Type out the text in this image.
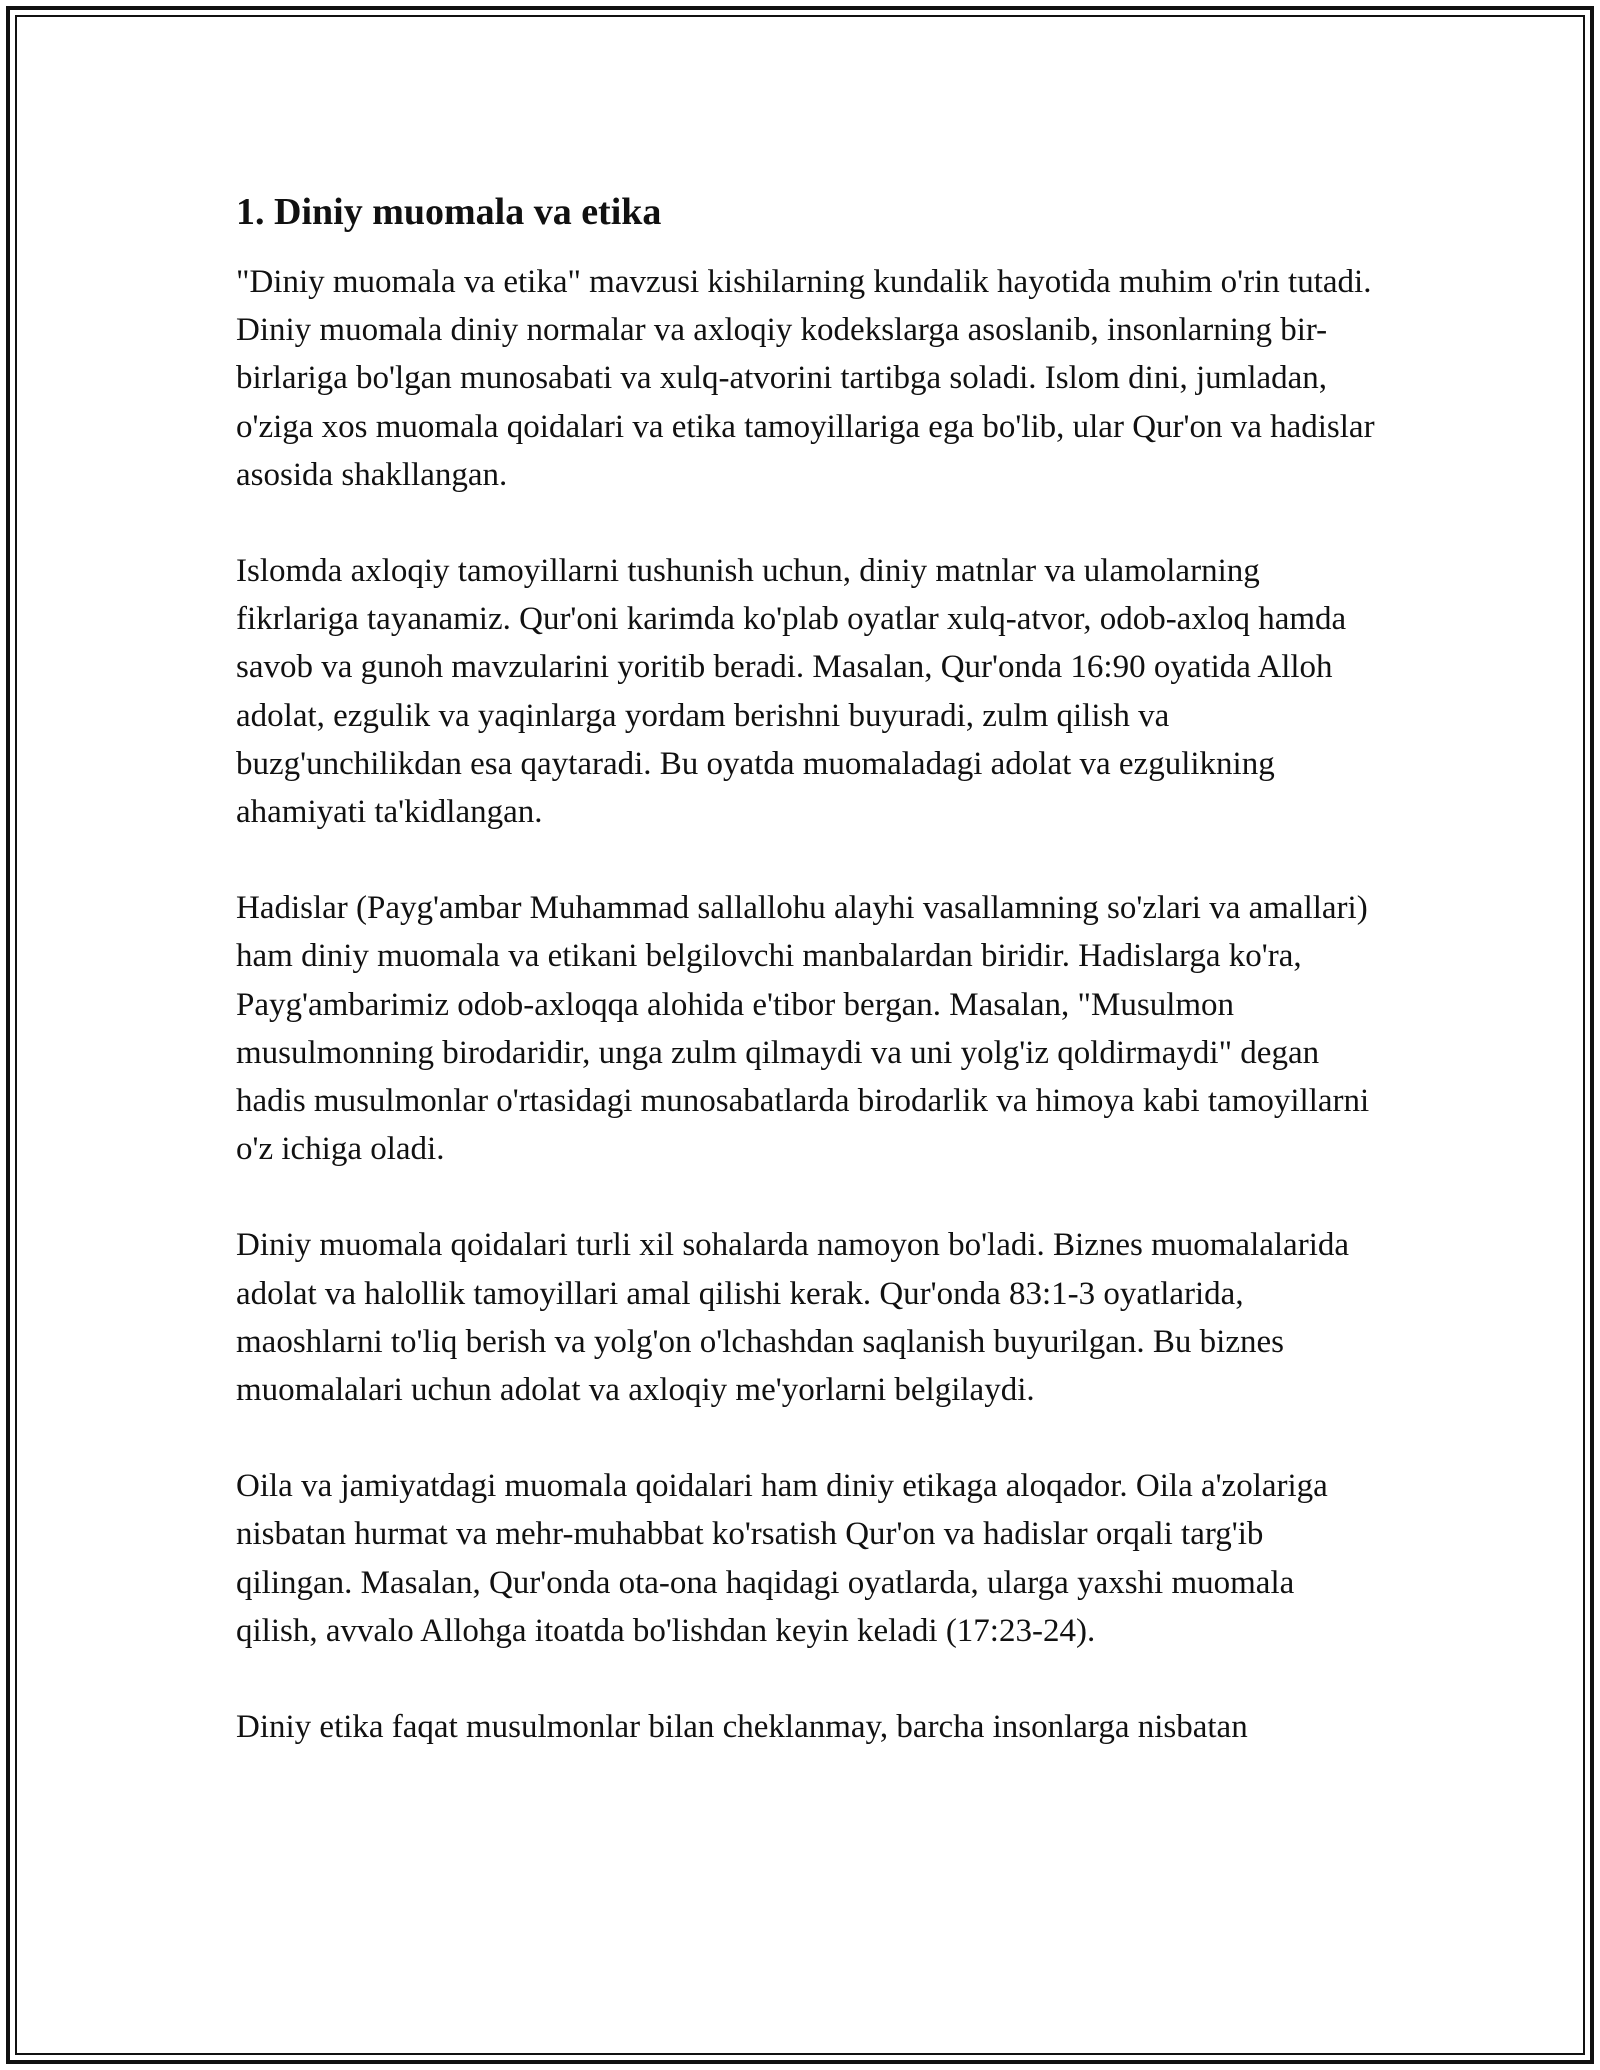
1. Diniy muomala va etika

"Diniy muomala va etika" mavzusi kishilarning kundalik hayotida muhim o'rin tutadi. Diniy muomala diniy normalar va axloqiy kodekslarga asoslanib, insonlarning bir-birlariga bo'lgan munosabati va xulq-atvorini tartibga soladi. Islom dini, jumladan, o'ziga xos muomala qoidalari va etika tamoyillariga ega bo'lib, ular Qur'on va hadislar asosida shakllangan.

Islomda axloqiy tamoyillarni tushunish uchun, diniy matnlar va ulamolarning fikrlariga tayanamiz. Qur'oni karimda ko'plab oyatlar xulq-atvor, odob-axloq hamda savob va gunoh mavzularini yoritib beradi. Masalan, Qur'onda 16:90 oyatida Alloh adolat, ezgulik va yaqinlarga yordam berishni buyuradi, zulm qilish va buzg'unchilikdan esa qaytaradi. Bu oyatda muomaladagi adolat va ezgulikning ahamiyati ta'kidlangan.

Hadislar (Payg'ambar Muhammad sallallohu alayhi vasallamning so'zlari va amallari) ham diniy muomala va etikani belgilovchi manbalardan biridir. Hadislarga ko'ra, Payg'ambarimiz odob-axloqqa alohida e'tibor bergan. Masalan, "Musulmon musulmonning birodaridir, unga zulm qilmaydi va uni yolg'iz qoldirmaydi" degan hadis musulmonlar o'rtasidagi munosabatlarda birodarlik va himoya kabi tamoyillarni o'z ichiga oladi.

Diniy muomala qoidalari turli xil sohalarda namoyon bo'ladi. Biznes muomalalarida adolat va halollik tamoyillari amal qilishi kerak. Qur'onda 83:1-3 oyatlarida, maoshlarni to'liq berish va yolg'on o'lchashdan saqlanish buyurilgan. Bu biznes muomalalari uchun adolat va axloqiy me'yorlarni belgilaydi.

Oila va jamiyatdagi muomala qoidalari ham diniy etikaga aloqador. Oila a'zolariga nisbatan hurmat va mehr-muhabbat ko'rsatish Qur'on va hadislar orqali targ'ib qilingan. Masalan, Qur'onda ota-ona haqidagi oyatlarda, ularga yaxshi muomala qilish, avvalo Allohga itoatda bo'lishdan keyin keladi (17:23-24).

Diniy etika faqat musulmonlar bilan cheklanmay, barcha insonlarga nisbatan
